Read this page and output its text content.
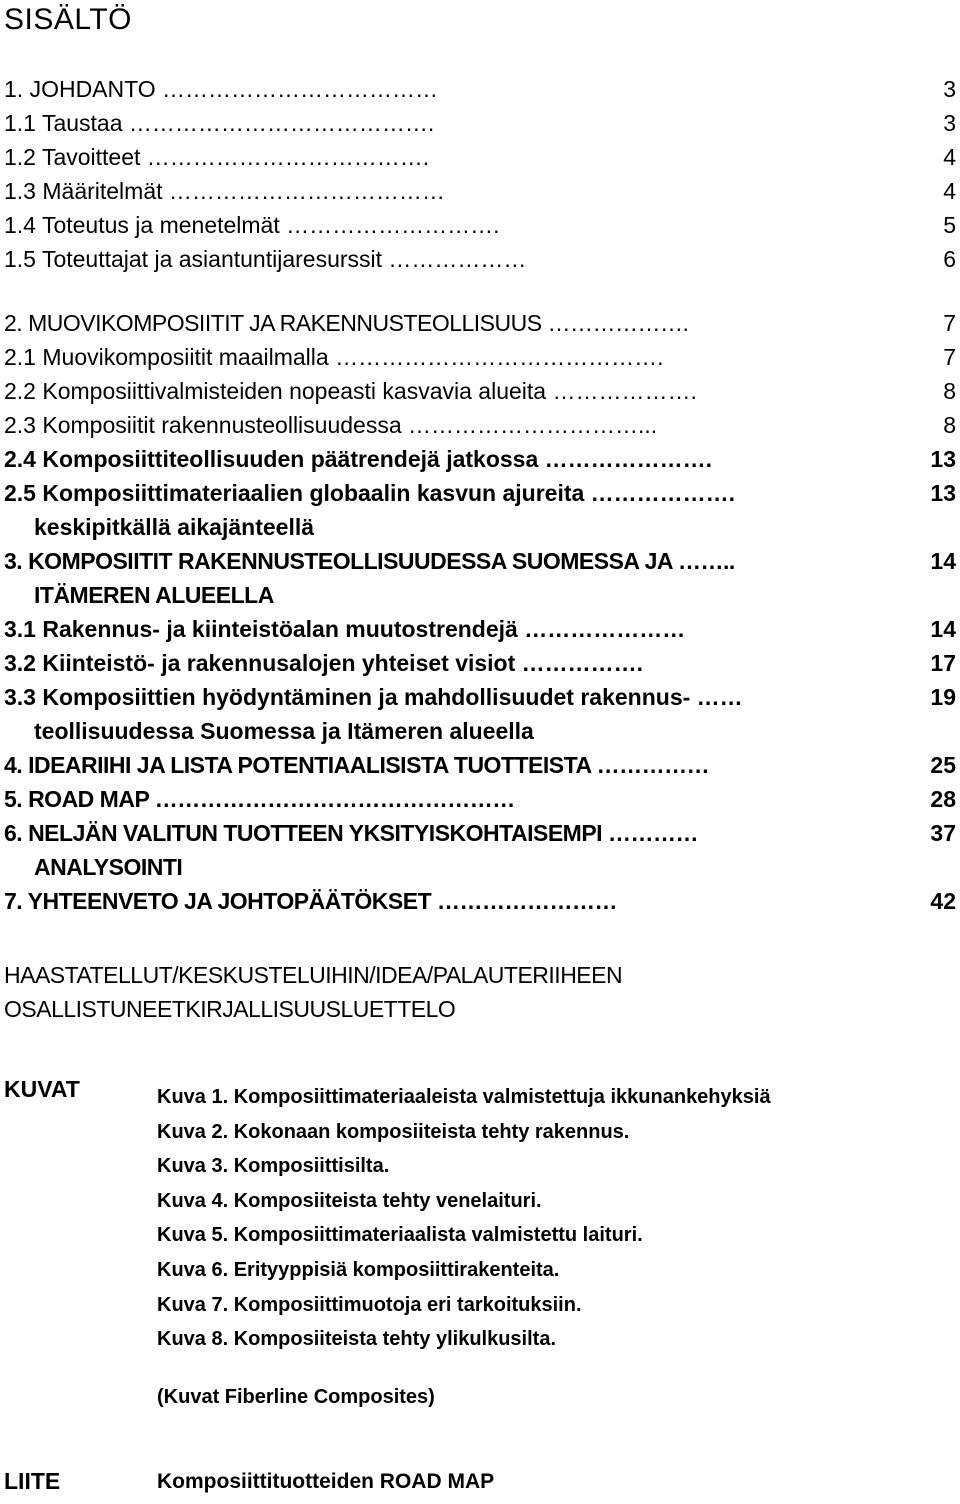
SISÄLTÖ
1. JOHDANTO ………………………………	3
1.1 Taustaa ………………………………….	3
1.2 Tavoitteet ……………………………….	4
1.3 Määritelmät ………………………………	4
1.4 Toteutus ja menetelmät ……………………….	5
1.5 Toteuttajat ja asiantuntijaresurssit ………………	6
2. MUOVIKOMPOSIITIT JA RAKENNUSTEOLLISUUS ……………….	7
2.1 Muovikomposiitit maailmalla …………………………………….	7
2.2 Komposiittivalmisteiden nopeasti kasvavia alueita ……………….	8
2.3 Komposiitit rakennusteollisuudessa …………………………...	8
2.4 Komposiittiteollisuuden päätrendejä jatkossa ………………….	13
2.5 Komposiittimateriaalien globaalin kasvun ajureita ……………….	13
keskipitkällä aikajänteellä
3. KOMPOSIITIT RAKENNUSTEOLLISUUDESSA SUOMESSA JA ……..	14
ITÄMEREN ALUEELLA
3.1 Rakennus- ja kiinteistöalan muutostrendejä …………………	14
3.2 Kiinteistö- ja rakennusalojen yhteiset visiot …………….	17
3.3 Komposiittien hyödyntäminen ja mahdollisuudet rakennus- ……	19
teollisuudessa Suomessa ja Itämeren alueella
4. IDEARIIHI JA LISTA POTENTIAALISISTA TUOTTEISTA ……………	25
5. ROAD MAP …………………………………………	28
6. NELJÄN VALITUN TUOTTEEN YKSITYISKOHTAISEMPI …………	37
ANALYSOINTI
7. YHTEENVETO JA JOHTOPÄÄTÖKSET ……………………	42
HAASTATELLUT/KESKUSTELUIHIN/IDEA/PALAUTERIIHEEN
OSALLISTUNEETKIRJALLISUUSLUETTELO
KUVAT	Kuva 1. Komposiittimateriaaleista valmistettuja ikkunankehyksiä
Kuva 2. Kokonaan komposiiteista tehty rakennus.
Kuva 3. Komposiittisilta.
Kuva 4. Komposiiteista tehty venelaituri.
Kuva 5. Komposiittimateriaalista valmistettu laituri.
Kuva 6. Erityyppisiä komposiittirakenteita.
Kuva 7. Komposiittimuotoja eri tarkoituksiin.
Kuva 8. Komposiiteista tehty ylikulkusilta.
(Kuvat Fiberline Composites)
LIITE	Komposiittituotteiden ROAD MAP
